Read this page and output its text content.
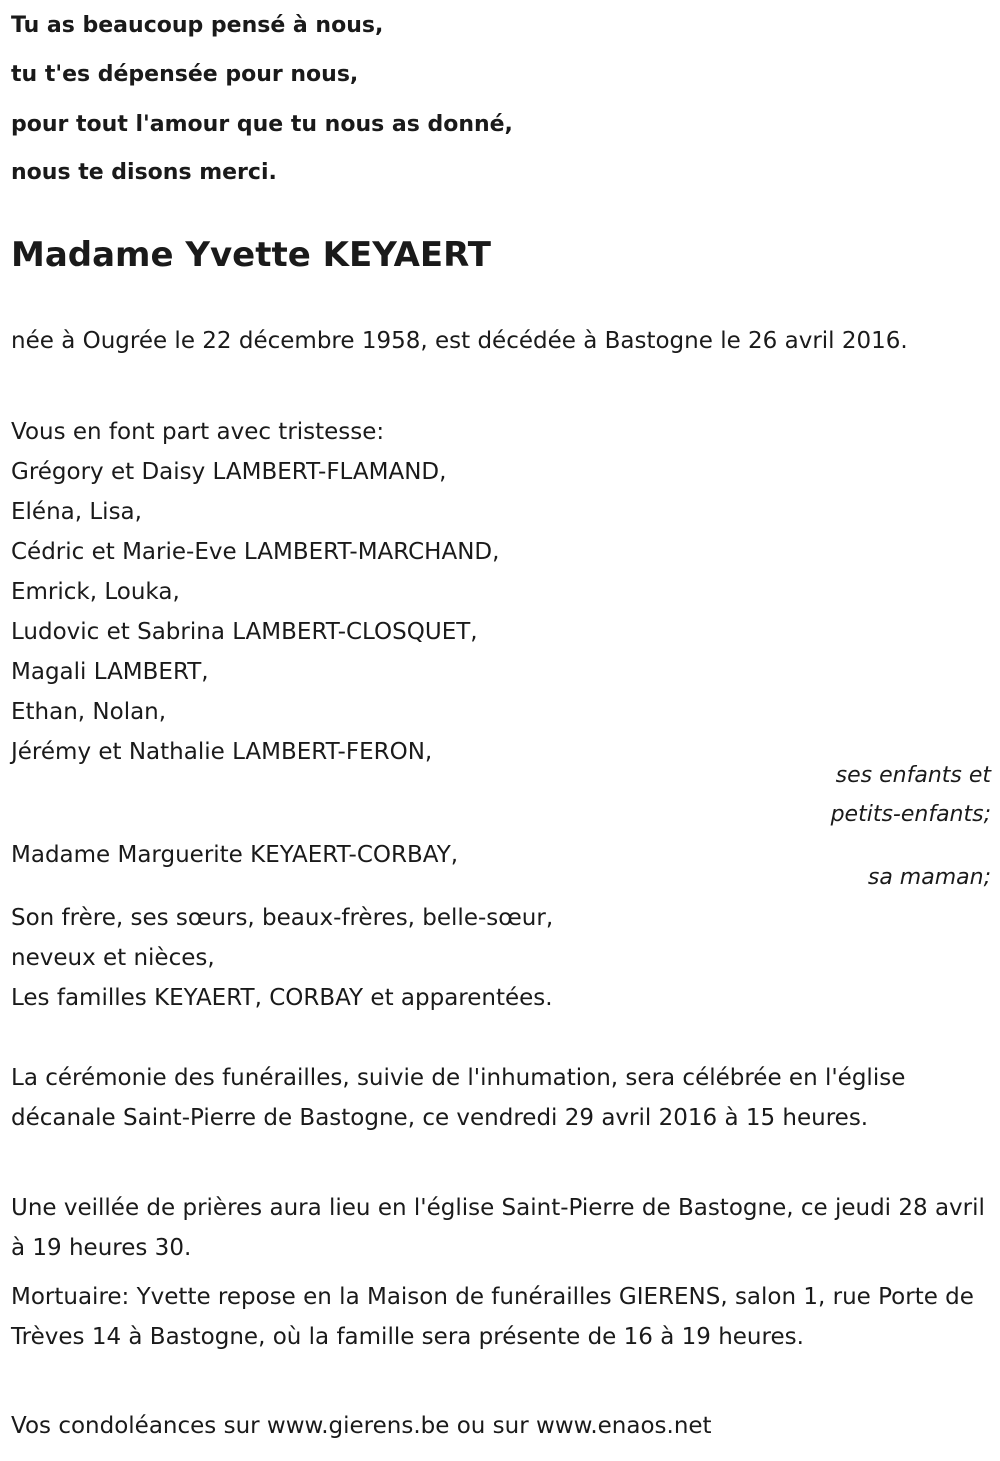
Tu as beaucoup pensé à nous,
tu t'es dépensée pour nous,
pour tout l'amour que tu nous as donné,
nous te disons merci.
Madame Yvette KEYAERT
née à Ougrée le 22 décembre 1958, est décédée à Bastogne le 26 avril 2016.
Vous en font part avec tristesse:
Grégory et Daisy LAMBERT-FLAMAND,
Eléna, Lisa,
Cédric et Marie-Eve LAMBERT-MARCHAND,
Emrick, Louka,
Ludovic et Sabrina LAMBERT-CLOSQUET,
Magali LAMBERT,
Ethan, Nolan,
Jérémy et Nathalie LAMBERT-FERON,
ses enfants et
petits-enfants;
Madame Marguerite KEYAERT-CORBAY,
sa maman;
Son frère, ses sœurs, beaux-frères, belle-sœur,
neveux et nièces,
Les familles KEYAERT, CORBAY et apparentées.
La cérémonie des funérailles, suivie de l'inhumation, sera célébrée en l'église décanale Saint-Pierre de Bastogne, ce vendredi 29 avril 2016 à 15 heures.
Une veillée de prières aura lieu en l'église Saint-Pierre de Bastogne, ce jeudi 28 avril à 19 heures 30.
Mortuaire: Yvette repose en la Maison de funérailles GIERENS, salon 1, rue Porte de Trèves 14 à Bastogne, où la famille sera présente de 16 à 19 heures.
Vos condoléances sur www.gierens.be ou sur www.enaos.net
